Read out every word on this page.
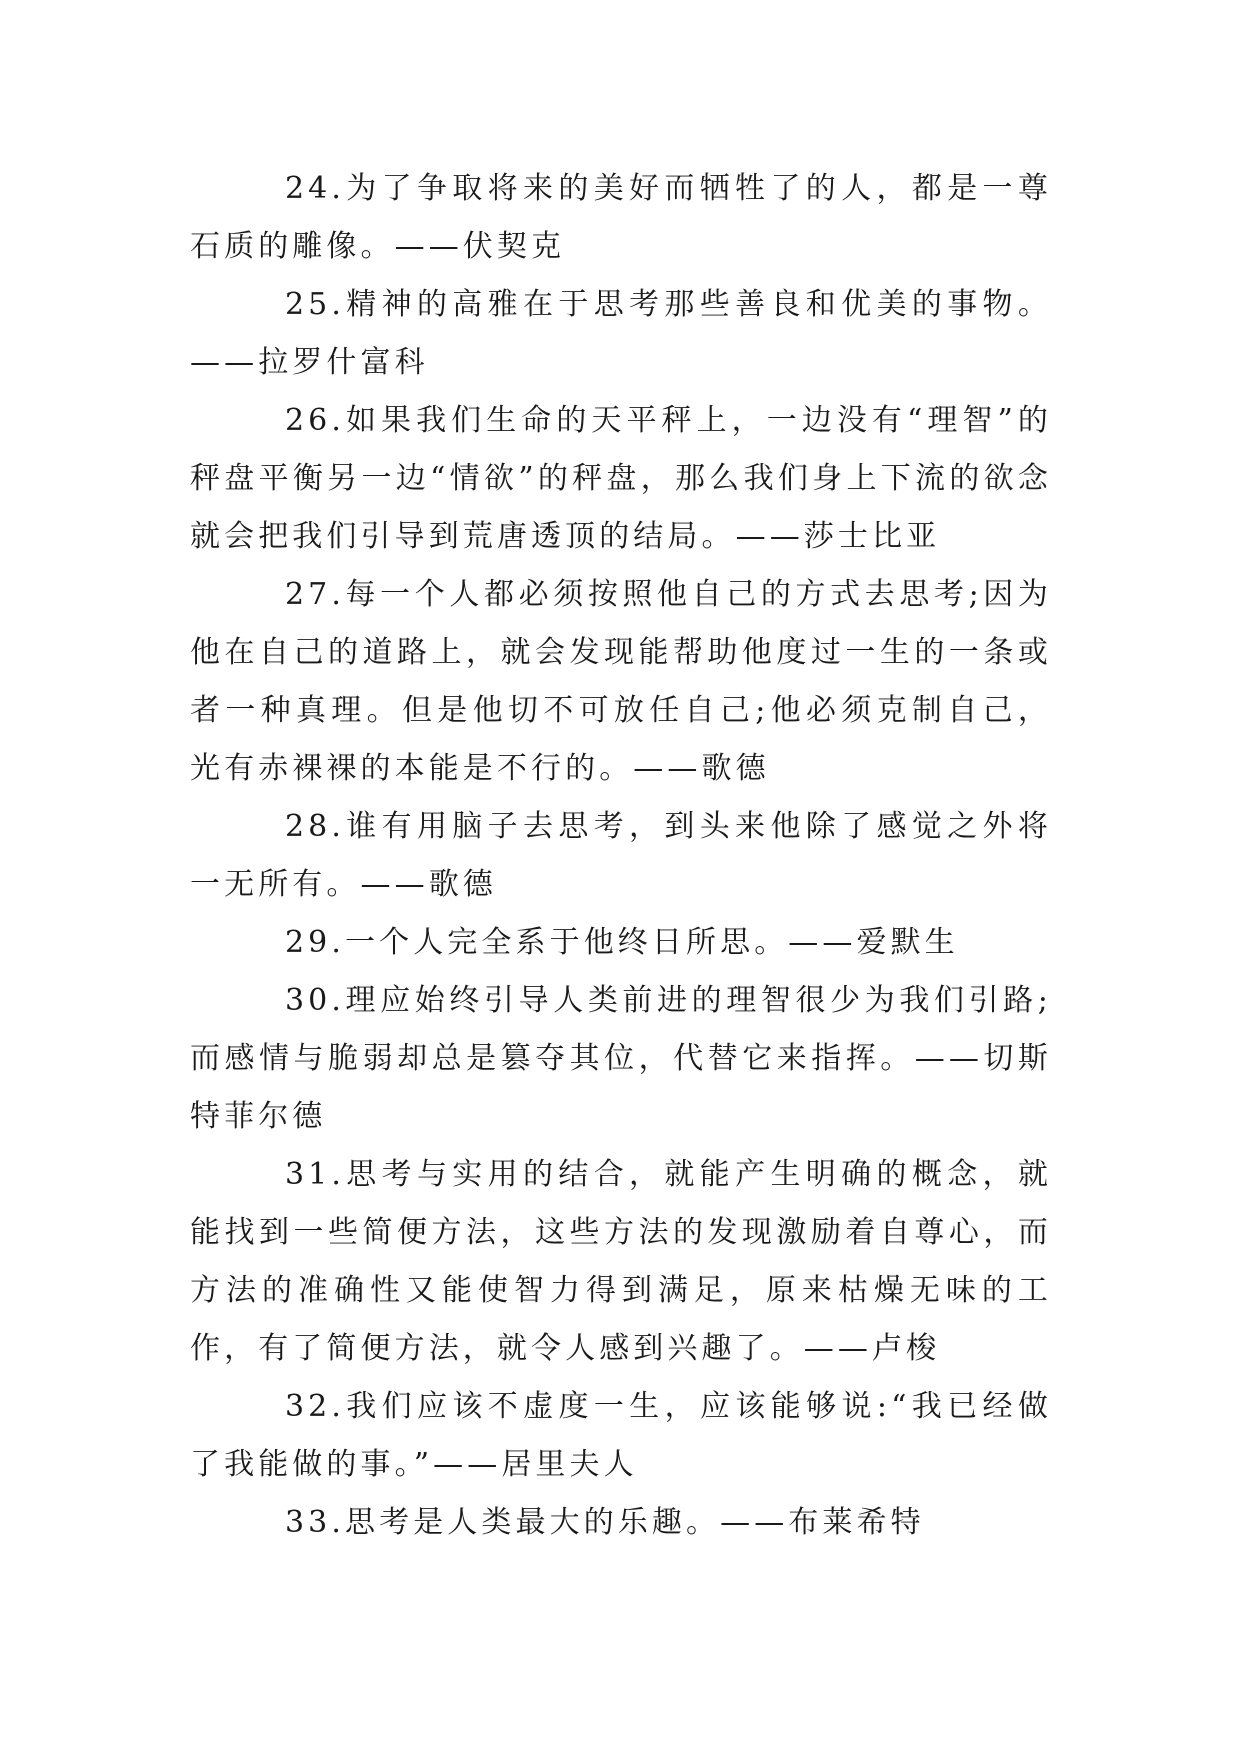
24.为了争取将来的美好而牺牲了的人，都是一尊石质的雕像。——伏契克

25.精神的高雅在于思考那些善良和优美的事物。——拉罗什富科

26.如果我们生命的天平秤上，一边没有“理智”的秤盘平衡另一边“情欲”的秤盘，那么我们身上下流的欲念就会把我们引导到荒唐透顶的结局。——莎士比亚

27.每一个人都必须按照他自己的方式去思考;因为他在自己的道路上，就会发现能帮助他度过一生的一条或者一种真理。但是他切不可放任自己;他必须克制自己，光有赤裸裸的本能是不行的。——歌德

28.谁有用脑子去思考，到头来他除了感觉之外将一无所有。——歌德

29.一个人完全系于他终日所思。——爱默生

30.理应始终引导人类前进的理智很少为我们引路;而感情与脆弱却总是篡夺其位，代替它来指挥。——切斯特菲尔德

31.思考与实用的结合，就能产生明确的概念，就能找到一些简便方法，这些方法的发现激励着自尊心，而方法的准确性又能使智力得到满足，原来枯燥无味的工作，有了简便方法，就令人感到兴趣了。——卢梭

32.我们应该不虚度一生，应该能够说:“我已经做了我能做的事。”——居里夫人

33.思考是人类最大的乐趣。——布莱希特
